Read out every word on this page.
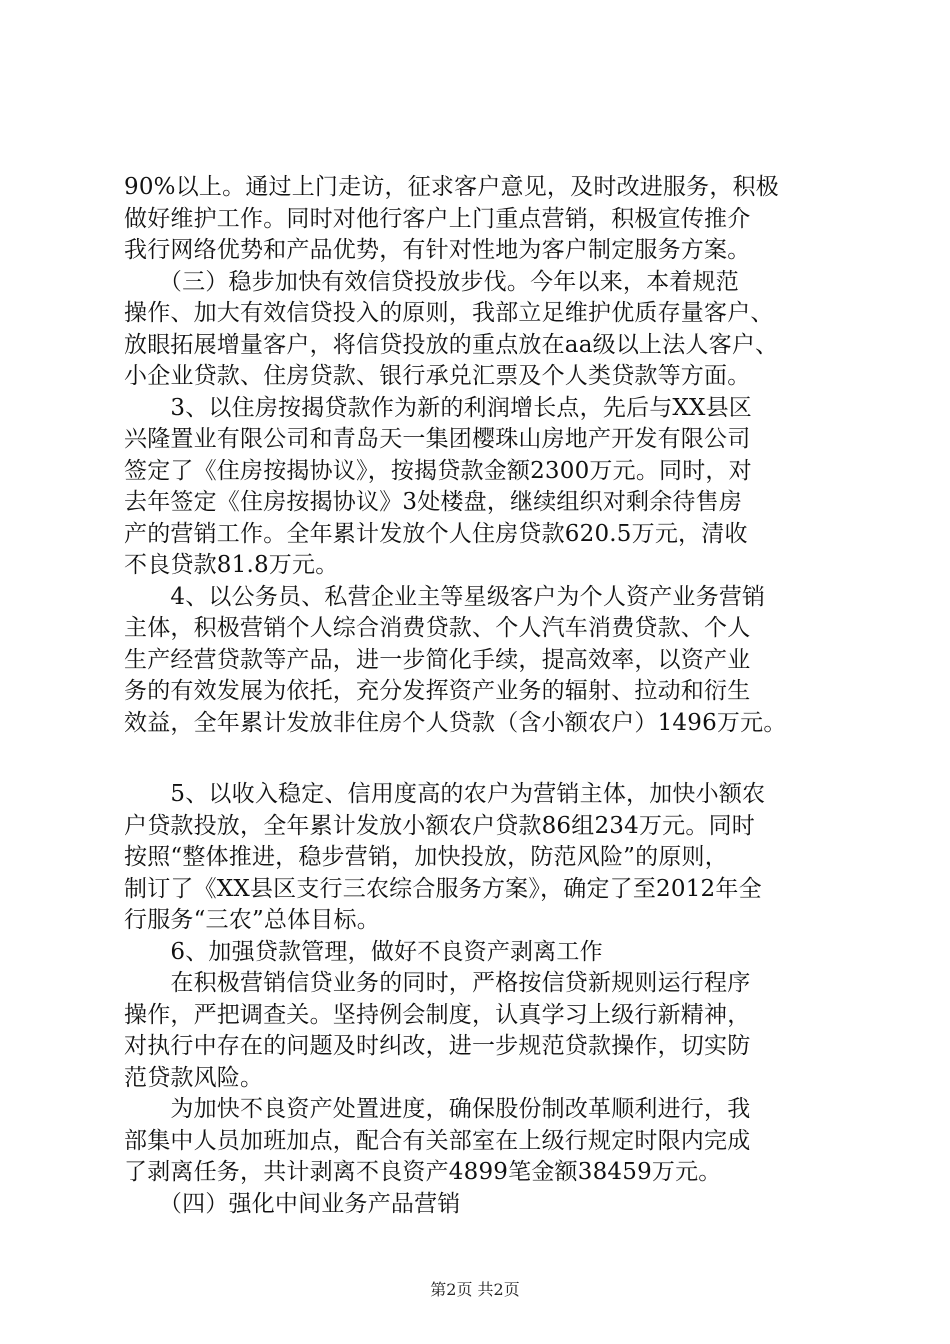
90%以上。通过上门走访，征求客户意见，及时改进服务，积极
做好维护工作。同时对他行客户上门重点营销，积极宣传推介
我行网络优势和产品优势，有针对性地为客户制定服务方案。
　　（三）稳步加快有效信贷投放步伐。今年以来，本着规范
操作、加大有效信贷投入的原则，我部立足维护优质存量客户、
放眼拓展增量客户，将信贷投放的重点放在aa级以上法人客户、
小企业贷款、住房贷款、银行承兑汇票及个人类贷款等方面。
　　3、以住房按揭贷款作为新的利润增长点，先后与XX县区
兴隆置业有限公司和青岛天一集团樱珠山房地产开发有限公司
签定了《住房按揭协议》，按揭贷款金额2300万元。同时，对
去年签定《住房按揭协议》3处楼盘，继续组织对剩余待售房
产的营销工作。全年累计发放个人住房贷款620.5万元，清收
不良贷款81.8万元。
　　4、以公务员、私营企业主等星级客户为个人资产业务营销
主体，积极营销个人综合消费贷款、个人汽车消费贷款、个人
生产经营贷款等产品，进一步简化手续，提高效率，以资产业
务的有效发展为依托，充分发挥资产业务的辐射、拉动和衍生
效益，全年累计发放非住房个人贷款（含小额农户）1496万元。
　　5、以收入稳定、信用度高的农户为营销主体，加快小额农
户贷款投放，全年累计发放小额农户贷款86组234万元。同时
按照“整体推进，稳步营销，加快投放，防范风险”的原则，
制订了《XX县区支行三农综合服务方案》，确定了至2012年全
行服务“三农”总体目标。
　　6、加强贷款管理，做好不良资产剥离工作
　　在积极营销信贷业务的同时，严格按信贷新规则运行程序
操作，严把调查关。坚持例会制度，认真学习上级行新精神，
对执行中存在的问题及时纠改，进一步规范贷款操作，切实防
范贷款风险。
　　为加快不良资产处置进度，确保股份制改革顺利进行，我
部集中人员加班加点，配合有关部室在上级行规定时限内完成
了剥离任务，共计剥离不良资产4899笔金额38459万元。
　　（四）强化中间业务产品营销
第2页 共2页
